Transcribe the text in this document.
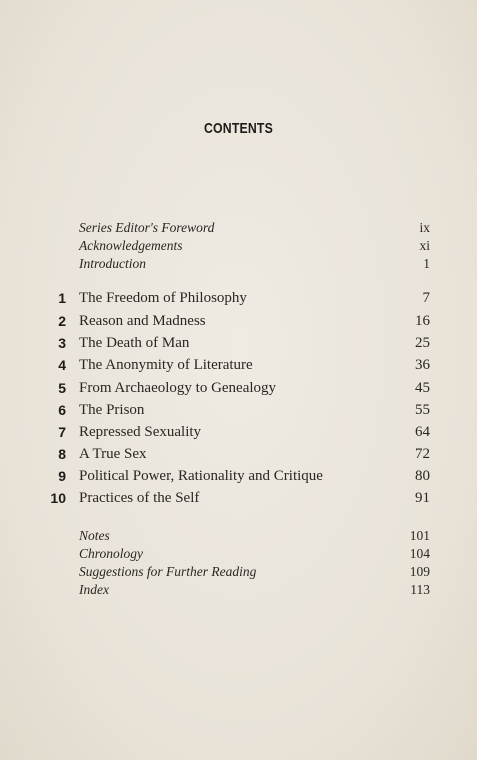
CONTENTS
Series Editor's Foreword	ix
Acknowledgements	xi
Introduction	1
1 The Freedom of Philosophy	7
2 Reason and Madness	16
3 The Death of Man	25
4 The Anonymity of Literature	36
5 From Archaeology to Genealogy	45
6 The Prison	55
7 Repressed Sexuality	64
8 A True Sex	72
9 Political Power, Rationality and Critique	80
10 Practices of the Self	91
Notes	101
Chronology	104
Suggestions for Further Reading	109
Index	113
